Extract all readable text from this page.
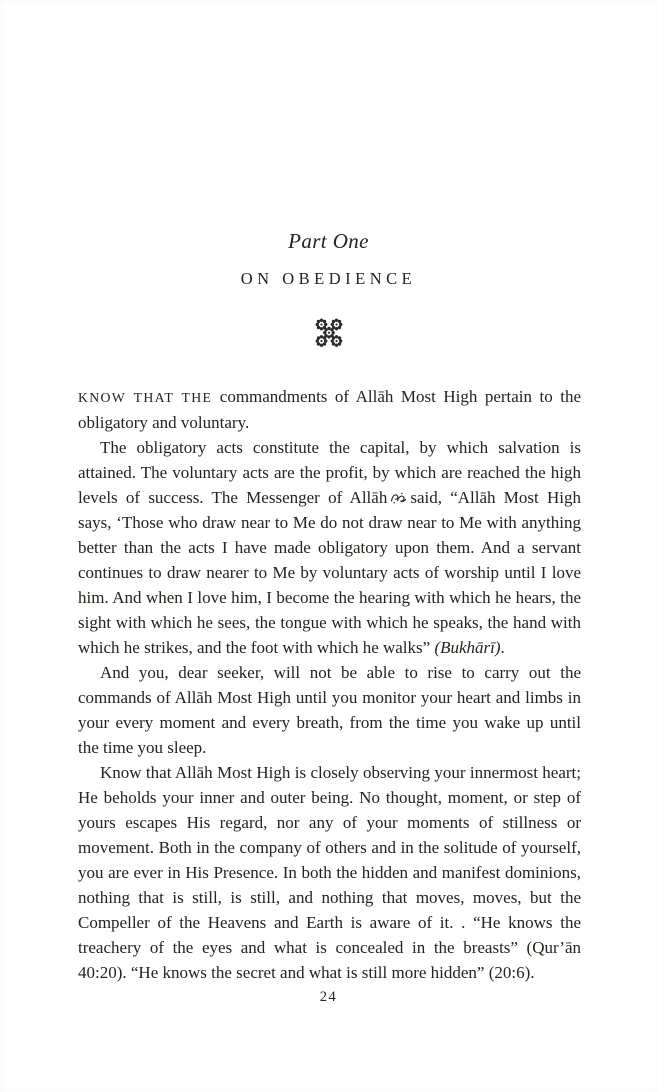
Part One
ON OBEDIENCE

KNOW THAT THE commandments of Allāh Most High pertain to the obligatory and voluntary.

The obligatory acts constitute the capital, by which salvation is attained. The voluntary acts are the profit, by which are reached the high levels of success. The Messenger of Allāh said, “Allāh Most High says, ‘Those who draw near to Me do not draw near to Me with anything better than the acts I have made obligatory upon them. And a servant continues to draw nearer to Me by voluntary acts of worship until I love him. And when I love him, I become the hearing with which he hears, the sight with which he sees, the tongue with which he speaks, the hand with which he strikes, and the foot with which he walks” (Bukhārī).

And you, dear seeker, will not be able to rise to carry out the commands of Allāh Most High until you monitor your heart and limbs in your every moment and every breath, from the time you wake up until the time you sleep.

Know that Allāh Most High is closely observing your innermost heart; He beholds your inner and outer being. No thought, moment, or step of yours escapes His regard, nor any of your moments of stillness or movement. Both in the company of others and in the solitude of yourself, you are ever in His Presence. In both the hidden and manifest dominions, nothing that is still, is still, and nothing that moves, moves, but the Compeller of the Heavens and Earth is aware of it. . “He knows the treachery of the eyes and what is concealed in the breasts” (Qur’ān 40:20). “He knows the secret and what is still more hidden” (20:6).

24
